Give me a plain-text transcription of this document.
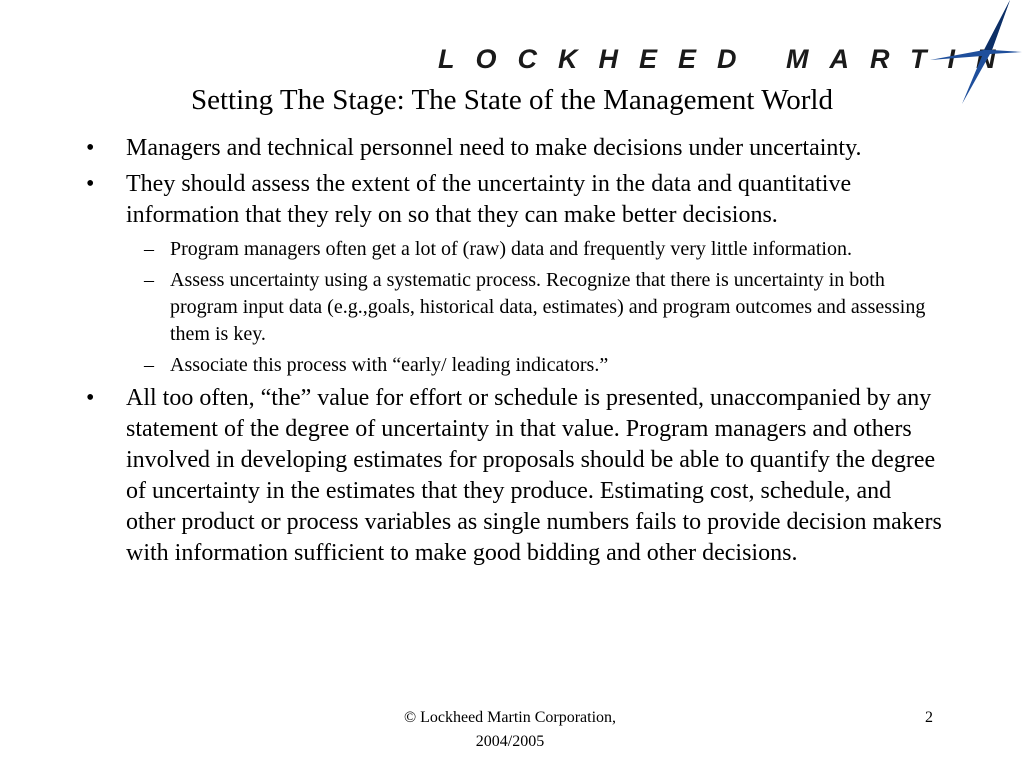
LOCKHEED MARTIN
Setting The Stage: The State of the Management World
• Managers and technical personnel need to make decisions under uncertainty.
• They should assess the extent of the uncertainty in the data and quantitative information that they rely on so that they can make better decisions.
– Program managers often get a lot of (raw) data and frequently very little information.
– Assess uncertainty using a systematic process. Recognize that there is uncertainty in both program input data (e.g.,goals, historical data, estimates) and program outcomes and assessing them is key.
– Associate this process with “early/ leading indicators.”
• All too often, “the” value for effort or schedule is presented, unaccompanied by any statement of the degree of uncertainty in that value. Program managers and others involved in developing estimates for proposals should be able to quantify the degree of uncertainty in the estimates that they produce. Estimating cost, schedule, and other product or process variables as single numbers fails to provide decision makers with information sufficient to make good bidding and other decisions.
© Lockheed Martin Corporation,
2004/2005
2
